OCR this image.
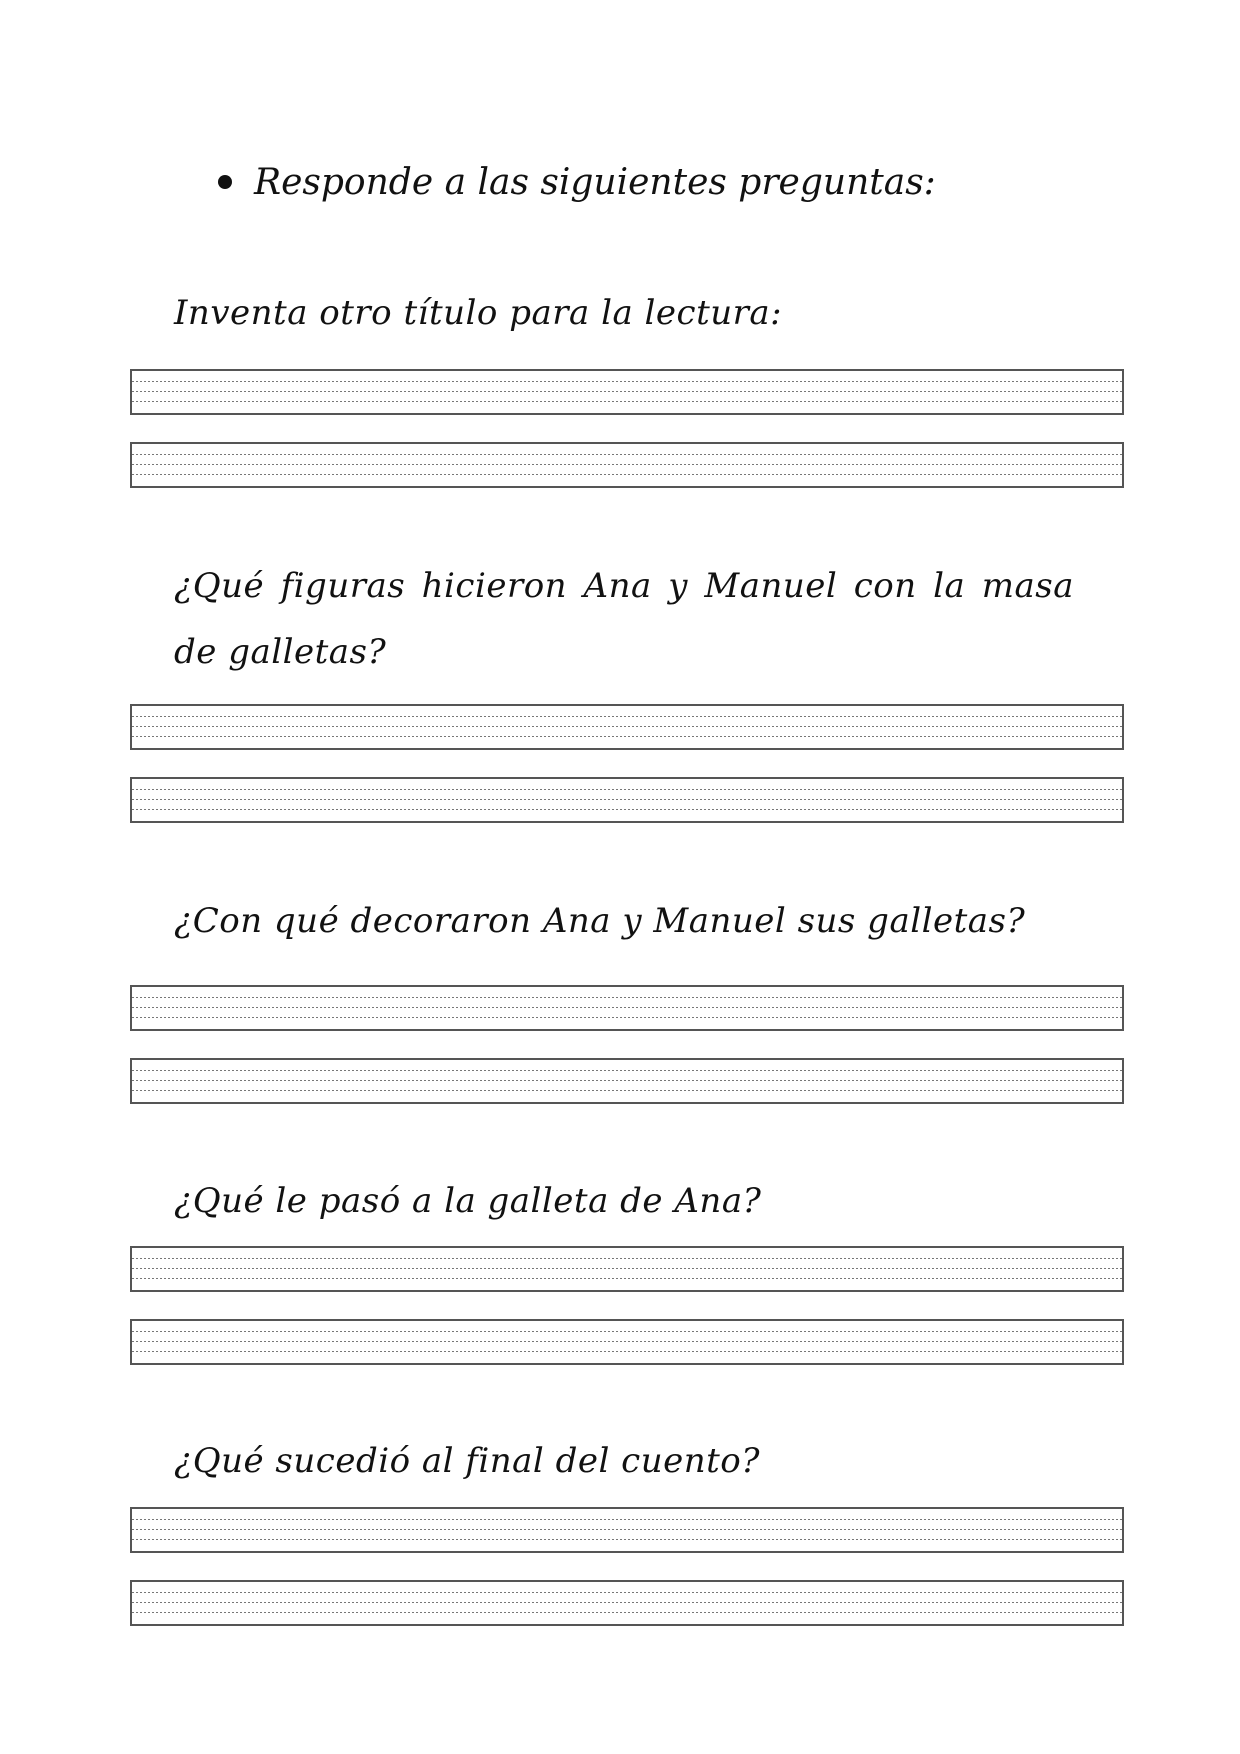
Responde a las siguientes preguntas:
Inventa otro título para la lectura:
¿Qué figuras hicieron Ana y Manuel con la masa de galletas?
¿Con qué decoraron Ana y Manuel sus galletas?
¿Qué le pasó a la galleta de Ana?
¿Qué sucedió al final del cuento?
